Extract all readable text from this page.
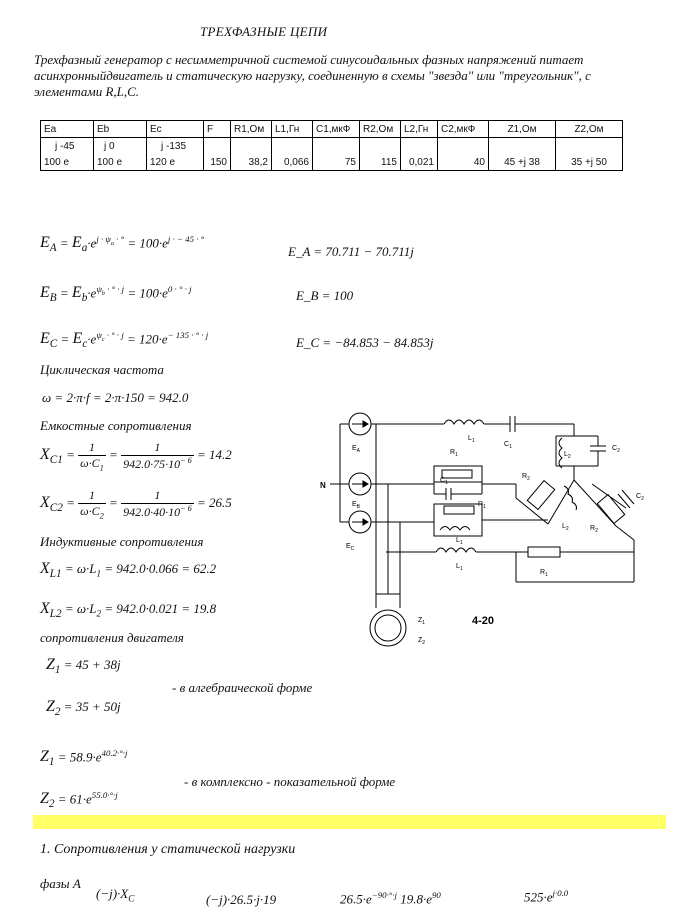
ТРЕХФАЗНЫЕ ЦЕПИ
Трехфазный генератор с несимметричной системой синусоидальных фазных напряжений питает асинхронныйдвигатель и статическую нагрузку, соединенную в схемы "звезда" или "треугольник", с элементами R,L,C.
Ea	Eb	Ec	F	R1,Ом	L1,Гн	C1,мкФ	R2,Ом	L2,Гн	C2,мкФ	Z1,Ом	Z2,Ом
j -45	j 0	j -135									
100 e	100 e	120 e	150	38,2	0,066	75	115	0,021	40	45 +j 38	35 +j 50
$E_A = E_a\cdot e^{j \cdot \psi_a \cdot ^\circ} = 100\cdot e^{j \cdot - 45 \cdot ^\circ}$
E_A = 70.711 − 70.711j
$E_B = E_b\cdot e^{\psi_b \cdot ^\circ \cdot j} = 100\cdot e^{0 \cdot ^\circ \cdot j}$	E_B = 100
$E_C = E_c\cdot e^{\psi_c \cdot ^\circ \cdot j} = 120\cdot e^{- 135 \cdot ^\circ \cdot j}$	E_C = −84.853 − 84.853j
Циклическая частота
ω = 2·π·f = 2·π·150 = 942.0
Емкостные сопротивления
$X_{C1} = \frac{1}{\omega\cdot C_1} = \frac{1}{942.0\cdot 75\cdot 10^{- 6}} = 14.2$
$X_{C2} = \frac{1}{\omega\cdot C_2} = \frac{1}{942.0\cdot 40\cdot 10^{- 6}} = 26.5$
Индуктивные сопротивления
$X_{L1} = \omega\cdot L_1 = 942.0\cdot 0.066 = 62.2$
$X_{L2} = \omega\cdot L_2 = 942.0\cdot 0.021 = 19.8$
сопротивления двигателя
$Z_1 = 45 + 38j$
- в алгебраической форме
$Z_2 = 35 + 50j$
$Z_1 = 58.9\cdot e^{40.2\cdot^\circ\cdot j}$
- в комплексно - показательной форме
$Z_2 = 61\cdot e^{55.0\cdot^\circ\cdot j}$
1. Сопротивления у статической нагрузки
фазы А
$(-j)\cdot X_C$	(−j)·26.5·j·19	$26.5\cdot e^{-90\cdot^\circ\cdot j}$ $19.8\cdot e^{90}$	$525\cdot e^{j\cdot 0.0}$
$E_A$
$E_B$
$E_C$
N
$L_1$	$C_1$
$L_2$
$C_2$
$R_1$
$C_1$
$R_1$
$L_1$
$R_2$
$L_2$	$R_2$
$C_2$
$L_1$	$R_1$
$Z_1$
$Z_2$
4-20
